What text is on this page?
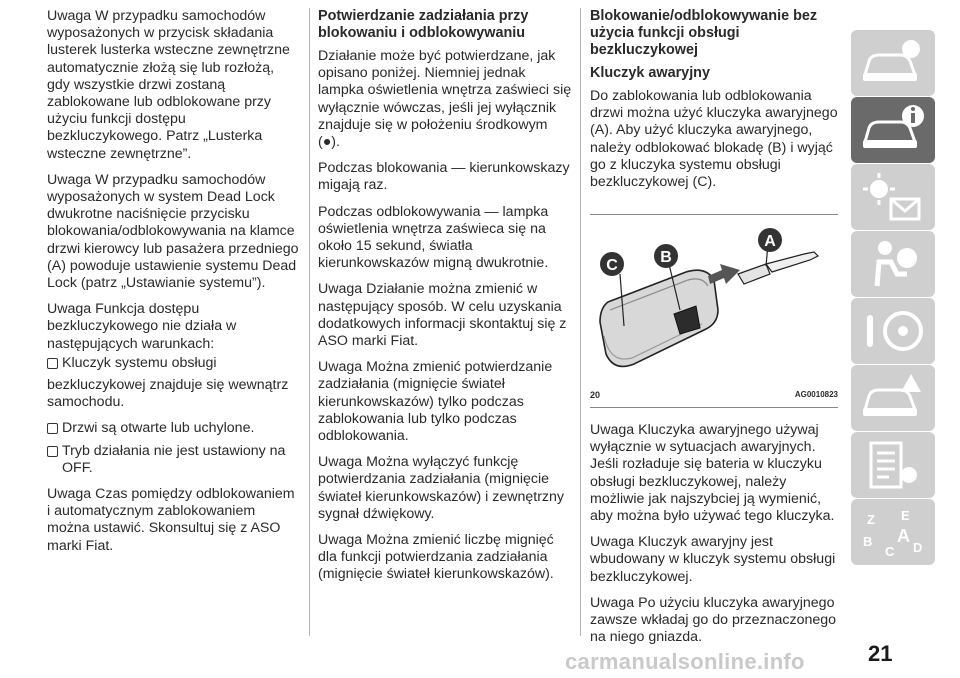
Uwaga W przypadku samochodów wyposażonych w przycisk składania lusterek lusterka wsteczne zewnętrzne automatycznie złożą się lub rozłożą, gdy wszystkie drzwi zostaną zablokowane lub odblokowane przy użyciu funkcji dostępu bezkluczykowego. Patrz „Lusterka wsteczne zewnętrzne”.

Uwaga W przypadku samochodów wyposażonych w system Dead Lock dwukrotne naciśnięcie przycisku blokowania/odblokowywania na klamce drzwi kierowcy lub pasażera przedniego (A) powoduje ustawienie systemu Dead Lock (patrz „Ustawianie systemu”).

Uwaga Funkcja dostępu bezkluczykowego nie działa w następujących warunkach:

Kluczyk systemu obsługi
bezkluczykowej znajduje się wewnątrz samochodu.
Drzwi są otwarte lub uchylone.
Tryb działania nie jest ustawiony na OFF.

Uwaga Czas pomiędzy odblokowaniem i automatycznym zablokowaniem można ustawić. Skonsultuj się z ASO marki Fiat.

Potwierdzanie zadziałania przy blokowaniu i odblokowywaniu

Działanie może być potwierdzane, jak opisano poniżej. Niemniej jednak lampka oświetlenia wnętrza zaświeci się wyłącznie wówczas, jeśli jej wyłącznik znajduje się w położeniu środkowym (●).

Podczas blokowania — kierunkowskazy migają raz.

Podczas odblokowywania — lampka oświetlenia wnętrza zaświeca się na około 15 sekund, światła kierunkowskazów migną dwukrotnie.

Uwaga Działanie można zmienić w następujący sposób. W celu uzyskania dodatkowych informacji skontaktuj się z ASO marki Fiat.

Uwaga Można zmienić potwierdzanie zadziałania (mignięcie świateł kierunkowskazów) tylko podczas zablokowania lub tylko podczas odblokowania.

Uwaga Można wyłączyć funkcję potwierdzania zadziałania (mignięcie świateł kierunkowskazów) i zewnętrzny sygnał dźwiękowy.

Uwaga Można zmienić liczbę mignięć dla funkcji potwierdzania zadziałania (mignięcie świateł kierunkowskazów).

Blokowanie/odblokowywanie bez użycia funkcji obsługi bezkluczykowej
Kluczyk awaryjny

Do zablokowania lub odblokowania drzwi można użyć kluczyka awaryjnego (A). Aby użyć kluczyka awaryjnego, należy odblokować blokadę (B) i wyjąć go z kluczyka systemu obsługi bezkluczykowej (C).

C	B
A
20	AG0010823

Uwaga Kluczyka awaryjnego używaj wyłącznie w sytuacjach awaryjnych. Jeśli rozładuje się bateria w kluczyku obsługi bezkluczykowej, należy możliwie jak najszybciej ją wymienić, aby można było używać tego kluczyka.

Uwaga Kluczyk awaryjny jest wbudowany w kluczyk systemu obsługi bezkluczykowej.

Uwaga Po użyciu kluczyka awaryjnego zawsze wkładaj go do przeznaczonego na niego gniazda.

Z E
B
C
A
D
carmanualsonline.info	21
